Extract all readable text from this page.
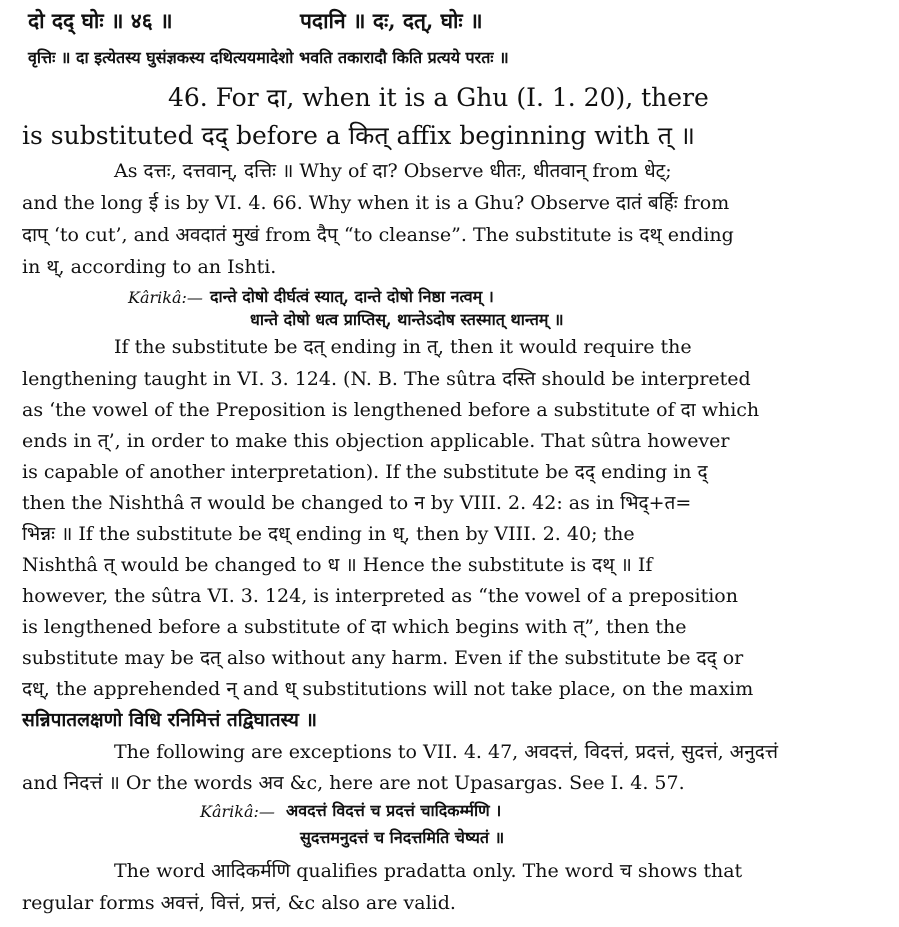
दो दद् घोः ॥ ४६ ॥	पदानि ॥ दः, दत्, घोः ॥
वृत्तिः ॥ दा इत्येतस्य घुसंज्ञकस्य दथित्ययमादेशो भवति तकारादौ किति प्रत्यये परतः ॥
46. For दा, when it is a Ghu (I. 1. 20), there
is substituted दद् before a कित् affix beginning with त् ॥
As दत्तः, दत्तवान्, दत्तिः ॥ Why of दा? Observe धीतः, धीतवान् from धेट्;
and the long ई is by VI. 4. 66. Why when it is a Ghu? Observe दातं बर्हिः from
दाप् ‘to cut’, and अवदातं मुखं from दैप् “to cleanse”. The substitute is दथ् ending
in थ्, according to an Ishti.
Kârikâ:— दान्ते दोषो दीर्घत्वं स्यात्, दान्ते दोषो निष्ठा नत्वम् ।
धान्ते दोषो धत्व प्राप्तिस्, थान्तेऽदोष स्तस्मात् थान्तम् ॥
If the substitute be दत् ending in त्, then it would require the
lengthening taught in VI. 3. 124. (N. B. The sûtra दस्ति should be interpreted
as ‘the vowel of the Preposition is lengthened before a substitute of दा which
ends in त्’, in order to make this objection applicable. That sûtra however
is capable of another interpretation). If the substitute be दद् ending in द्
then the Nishthâ त would be changed to न by VIII. 2. 42: as in भिद्+त=
भिन्नः ॥ If the substitute be दध् ending in ध्, then by VIII. 2. 40; the
Nishthâ त् would be changed to ध ॥ Hence the substitute is दथ् ॥ If
however, the sûtra VI. 3. 124, is interpreted as “the vowel of a preposition
is lengthened before a substitute of दा which begins with त्”, then the
substitute may be दत् also without any harm. Even if the substitute be दद् or
दध्, the apprehended न् and ध् substitutions will not take place, on the maxim
सन्निपातलक्षणो विधि रनिमित्तं तद्विघातस्य ॥
The following are exceptions to VII. 4. 47, अवदत्तं, विदत्तं, प्रदत्तं, सुदत्तं, अनुदत्तं
and निदत्तं ॥ Or the words अव &c, here are not Upasargas. See I. 4. 57.
Kârikâ:— अवदत्तं विदत्तं च प्रदत्तं चादिकर्म्मणि ।
सुदत्तमनुदत्तं च निदत्तमिति चेष्यतं ॥
The word आदिकर्मणि qualifies pradatta only. The word च shows that
regular forms अवत्तं, वित्तं, प्रत्तं, &c also are valid.
